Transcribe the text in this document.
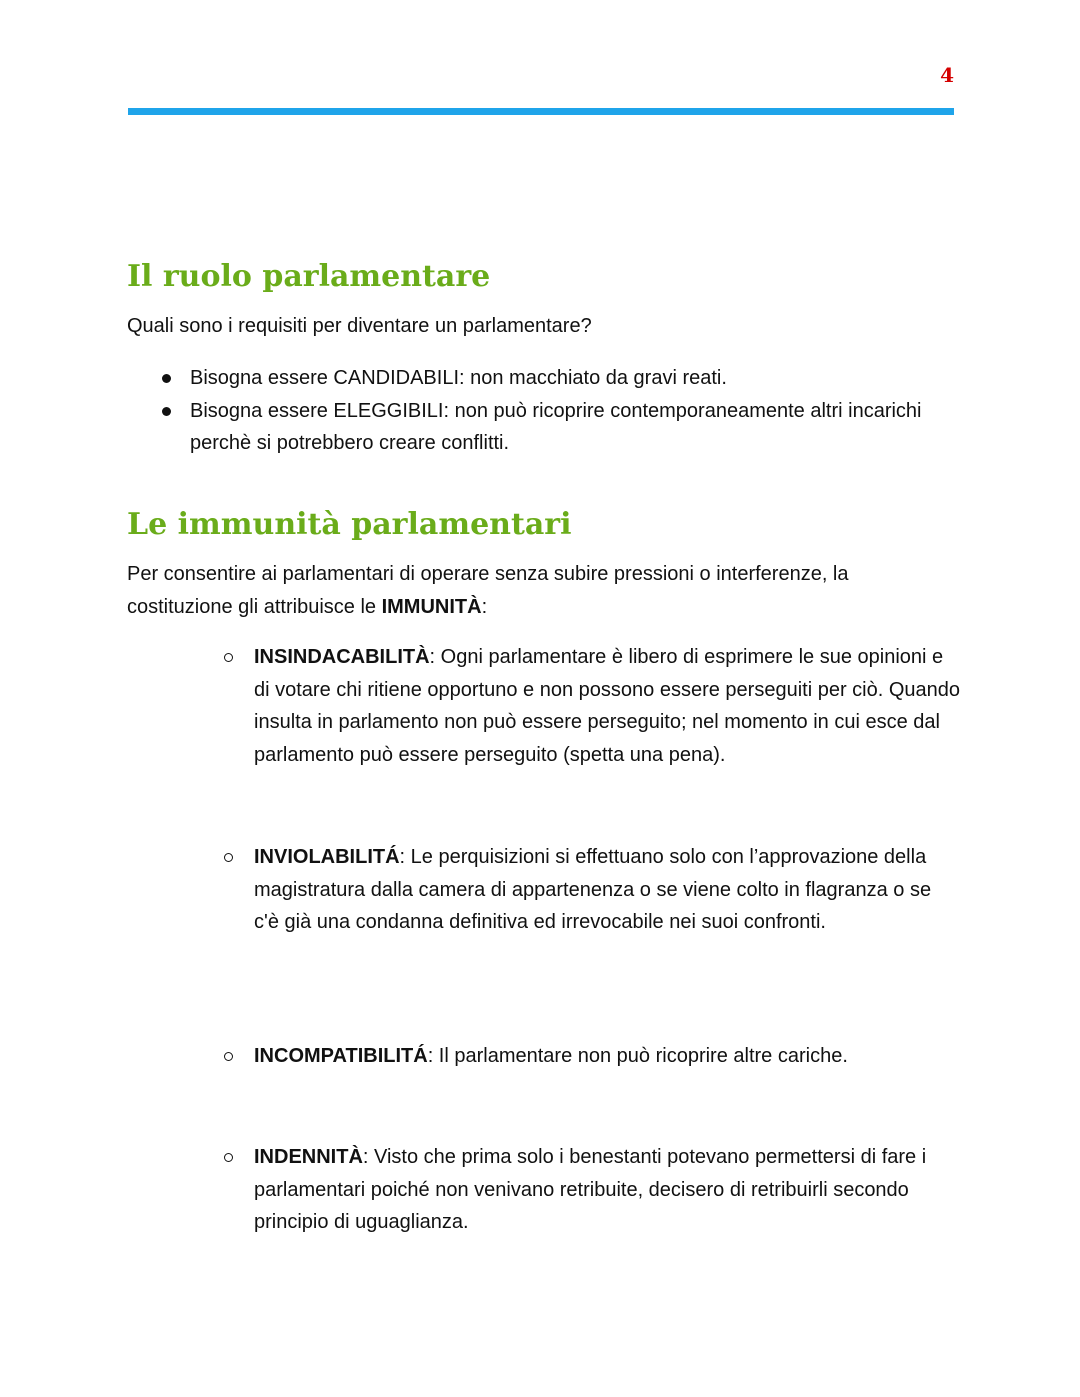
4
Il ruolo parlamentare

Quali sono i requisiti per diventare un parlamentare?

Bisogna essere CANDIDABILI: non macchiato da gravi reati.
Bisogna essere ELEGGIBILI: non può ricoprire contemporaneamente altri incarichi perchè si potrebbero creare conflitti.
Le immunità parlamentari

Per consentire ai parlamentari di operare senza subire pressioni o interferenze, la costituzione gli attribuisce le IMMUNITÀ:

INSINDACABILITÀ: Ogni parlamentare è libero di esprimere le sue opinioni e di votare chi ritiene opportuno e non possono essere perseguiti per ciò. Quando insulta in parlamento non può essere perseguito; nel momento in cui esce dal parlamento può essere perseguito (spetta una pena).
INVIOLABILITÁ: Le perquisizioni si effettuano solo con l’approvazione della magistratura dalla camera di appartenenza o se viene colto in flagranza o se c'è già una condanna definitiva ed irrevocabile nei suoi confronti.
INCOMPATIBILITÁ: Il parlamentare non può ricoprire altre cariche.
INDENNITÀ: Visto che prima solo i benestanti potevano permettersi di fare i parlamentari poiché non venivano retribuite, decisero di retribuirli secondo principio di uguaglianza.
